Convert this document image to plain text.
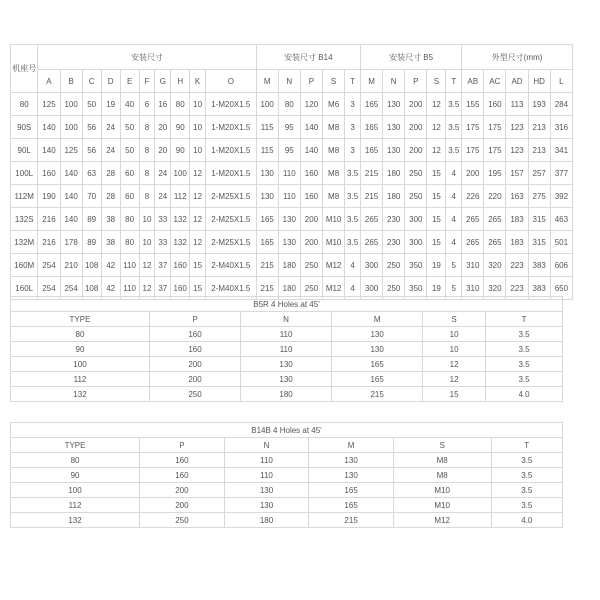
机座号	安装尺寸										安装尺寸 B14					安装尺寸 B5					外型尺寸(mm)				
	A	B	C	D	E	F	G	H	K	O	M	N	P	S	T	M	N	P	S	T	AB	AC	AD	HD	L
80	125	100	50	19	40	6	16	80	10	1-M20X1.5	100	80	120	M6	3	165	130	200	12	3.5	155	160	113	193	284
90S	140	100	56	24	50	8	20	90	10	1-M20X1.5	115	95	140	M8	3	165	130	200	12	3.5	175	175	123	213	316
90L	140	125	56	24	50	8	20	90	10	1-M20X1.5	115	95	140	M8	3	165	130	200	12	3.5	175	175	123	213	341
100L	160	140	63	28	60	8	24	100	12	1-M20X1.5	130	110	160	M8	3.5	215	180	250	15	4	200	195	157	257	377
112M	190	140	70	28	60	8	24	112	12	2-M25X1.5	130	110	160	M8	3.5	215	180	250	15	4	226	220	163	275	392
132S	216	140	89	38	80	10	33	132	12	2-M25X1.5	165	130	200	M10	3.5	265	230	300	15	4	265	265	183	315	463
132M	216	178	89	38	80	10	33	132	12	2-M25X1.5	165	130	200	M10	3.5	265	230	300	15	4	265	265	183	315	501
160M	254	210	108	42	110	12	37	160	15	2-M40X1.5	215	180	250	M12	4	300	250	350	19	5	310	320	223	383	606
160L	254	254	108	42	110	12	37	160	15	2-M40X1.5	215	180	250	M12	4	300	250	350	19	5	310	320	223	383	650
B5R 4 Holes at 45'					
TYPE	P	N	M	S	T
80	160	110	130	10	3.5
90	160	110	130	10	3.5
100	200	130	165	12	3.5
112	200	130	165	12	3.5
132	250	180	215	15	4.0
B14B 4 Holes at 45'					
TYPE	P	N	M	S	T
80	160	110	130	M8	3.5
90	160	110	130	M8	3.5
100	200	130	165	M10	3.5
112	200	130	165	M10	3.5
132	250	180	215	M12	4.0
